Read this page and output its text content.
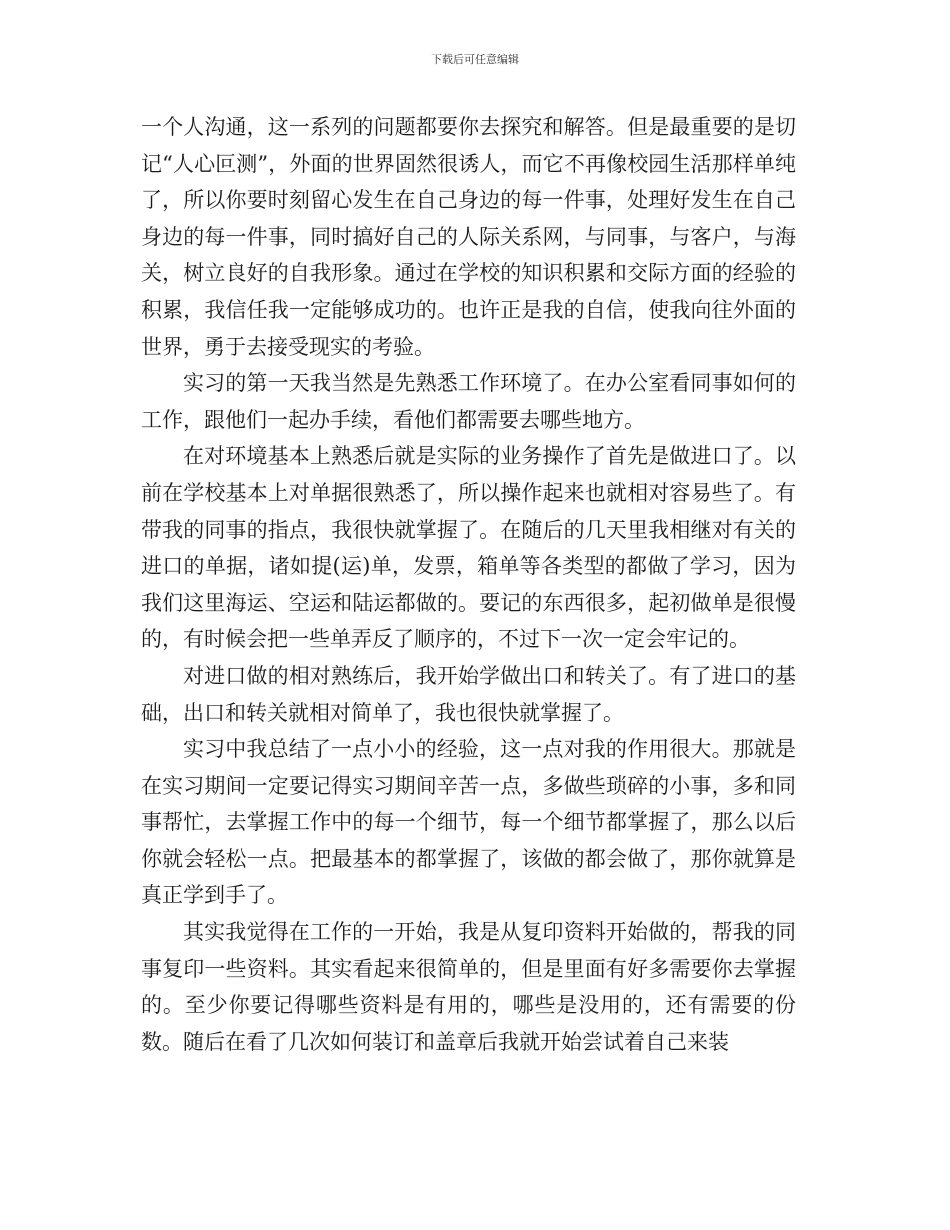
下载后可任意编辑

一个人沟通，这一系列的问题都要你去探究和解答。但是最重要的是切记“人心叵测”，外面的世界固然很诱人，而它不再像校园生活那样单纯了，所以你要时刻留心发生在自己身边的每一件事，处理好发生在自己身边的每一件事，同时搞好自己的人际关系网，与同事，与客户，与海关，树立良好的自我形象。通过在学校的知识积累和交际方面的经验的积累，我信任我一定能够成功的。也许正是我的自信，使我向往外面的世界，勇于去接受现实的考验。

实习的第一天我当然是先熟悉工作环境了。在办公室看同事如何的工作，跟他们一起办手续，看他们都需要去哪些地方。

在对环境基本上熟悉后就是实际的业务操作了首先是做进口了。以前在学校基本上对单据很熟悉了，所以操作起来也就相对容易些了。有带我的同事的指点，我很快就掌握了。在随后的几天里我相继对有关的进口的单据，诸如提(运)单，发票，箱单等各类型的都做了学习，因为我们这里海运、空运和陆运都做的。要记的东西很多，起初做单是很慢的，有时候会把一些单弄反了顺序的，不过下一次一定会牢记的。

对进口做的相对熟练后，我开始学做出口和转关了。有了进口的基础，出口和转关就相对简单了，我也很快就掌握了。

实习中我总结了一点小小的经验，这一点对我的作用很大。那就是在实习期间一定要记得实习期间辛苦一点，多做些琐碎的小事，多和同事帮忙，去掌握工作中的每一个细节，每一个细节都掌握了，那么以后你就会轻松一点。把最基本的都掌握了，该做的都会做了，那你就算是真正学到手了。

其实我觉得在工作的一开始，我是从复印资料开始做的，帮我的同事复印一些资料。其实看起来很简单的，但是里面有好多需要你去掌握的。至少你要记得哪些资料是有用的，哪些是没用的，还有需要的份数。随后在看了几次如何装订和盖章后我就开始尝试着自己来装
